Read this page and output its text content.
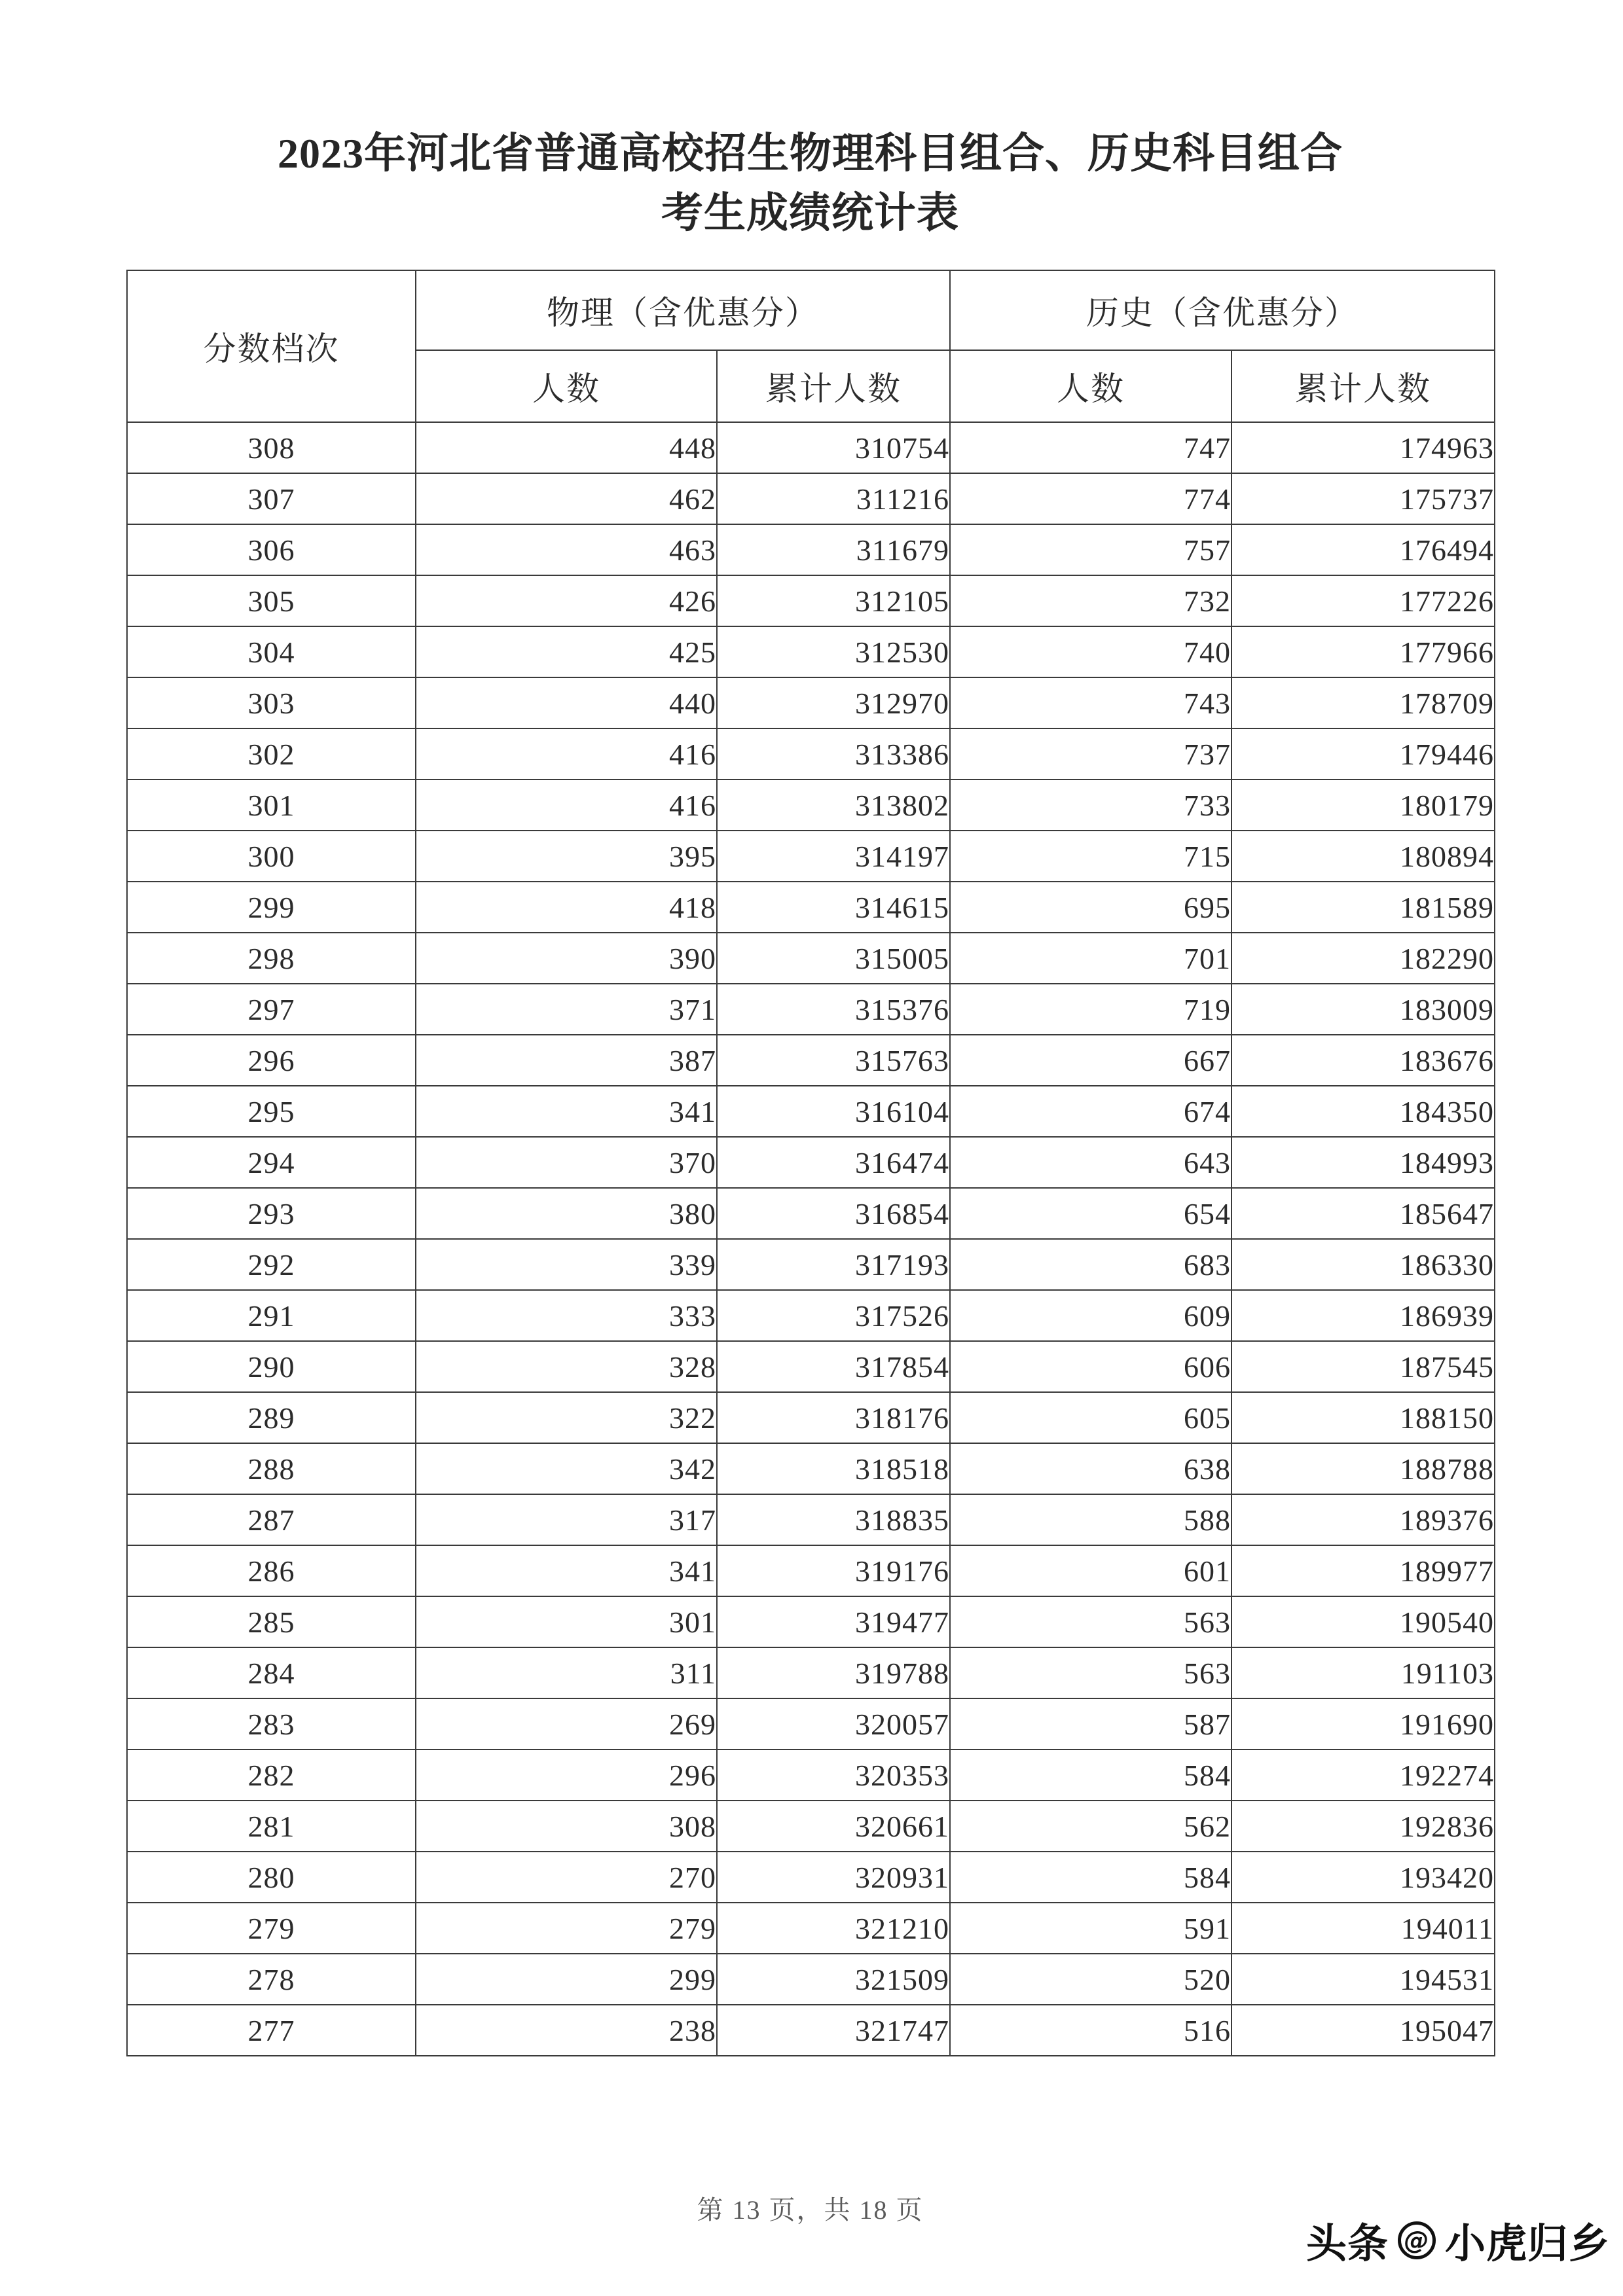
2023年河北省普通高校招生物理科目组合、历史科目组合
考生成绩统计表
分数档次	物理（含优惠分）		历史（含优惠分）	
	人数	累计人数	人数	累计人数
308	448	310754	747	174963
307	462	311216	774	175737
306	463	311679	757	176494
305	426	312105	732	177226
304	425	312530	740	177966
303	440	312970	743	178709
302	416	313386	737	179446
301	416	313802	733	180179
300	395	314197	715	180894
299	418	314615	695	181589
298	390	315005	701	182290
297	371	315376	719	183009
296	387	315763	667	183676
295	341	316104	674	184350
294	370	316474	643	184993
293	380	316854	654	185647
292	339	317193	683	186330
291	333	317526	609	186939
290	328	317854	606	187545
289	322	318176	605	188150
288	342	318518	638	188788
287	317	318835	588	189376
286	341	319176	601	189977
285	301	319477	563	190540
284	311	319788	563	191103
283	269	320057	587	191690
282	296	320353	584	192274
281	308	320661	562	192836
280	270	320931	584	193420
279	279	321210	591	194011
278	299	321509	520	194531
277	238	321747	516	195047
第 13 页，共 18 页
头条 @ 小虎归乡
